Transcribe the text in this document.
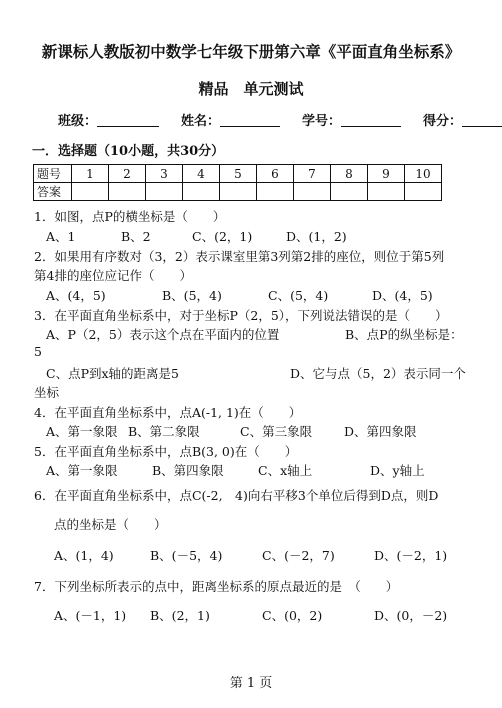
新课标人教版初中数学七年级下册第六章《平面直角坐标系》
精品　单元测试
班级：	姓名：	学号：	得分：
一．选择题（10小题，共30分）
题号	1	2	3	4	5	6	7	8	9	10
答案										
1．如图，点P的横坐标是（　　）
A、1	B、2	C、(2，1)	D、(1，2)
2．如果用有序数对（3，2）表示课室里第3列第2排的座位，则位于第5列
第4排的座位应记作（　　）
A、(4，5)	B、(5，4)	C、(5，4)	D、(4，5)
3．在平面直角坐标系中，对于坐标P（2，5），下列说法错误的是（　　）
A、P（2，5）表示这个点在平面内的位置	B、点P的纵坐标是：
5
C、点P到x轴的距离是5	D、它与点（5，2）表示同一个
坐标
4．在平面直角坐标系中，点A(-1, 1)在（　　）
A、第一象限 B、第二象限	C、第三象限	D、第四象限
5．在平面直角坐标系中，点B(3, 0)在（　　）
A、第一象限	B、第四象限	C、x轴上	D、y轴上
6．在平面直角坐标系中，点C(-2,　4)向右平移3个单位后得到D点，则D
点的坐标是（　　）
A、(1，4)	B、(－5，4)	C、(－2，7)	D、(－2，1)
7．下列坐标所表示的点中，距离坐标系的原点最近的是　（　　）
A、(－1，1) B、(2，1)	C、(0，2)	D、(0，－2)
第 1 页
